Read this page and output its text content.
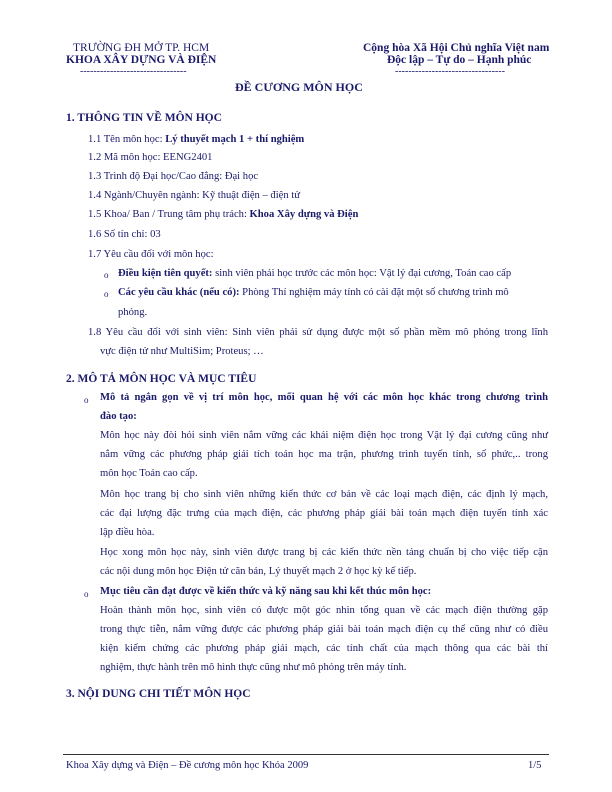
TRƯỜNG ĐH MỞ TP. HCM
KHOA XÂY DỰNG VÀ ĐIỆN
--------------------------------
Cộng hòa Xã Hội Chủ nghĩa Việt nam
Độc lập – Tự do – Hạnh phúc
---------------------------------
ĐỀ CƯƠNG MÔN HỌC
1. THÔNG TIN VỀ MÔN HỌC
1.1 Tên môn học: Lý thuyết mạch 1 + thí nghiệm
1.2 Mã môn học: EENG2401
1.3 Trình độ Đại học/Cao đẳng: Đại học
1.4 Ngành/Chuyên ngành: Kỹ thuật điện – điện tử
1.5 Khoa/ Ban / Trung tâm phụ trách: Khoa Xây dựng và Điện
1.6 Số tín chỉ: 03
1.7 Yêu cầu đối với môn học:
o Điều kiện tiên quyết: sinh viên phải học trước các môn học: Vật lý đại cương, Toán cao cấp
o Các yêu cầu khác (nếu có): Phòng Thí nghiệm máy tính có cài đặt một số chương trình mô
phỏng.
1.8 Yêu cầu đối với sinh viên: Sinh viên phải sử dụng được một số phần mềm mô phỏng trong lĩnh
vực điện tử như MultiSim; Proteus; …
2. MÔ TẢ MÔN HỌC VÀ MỤC TIÊU
o Mô tả ngắn gọn về vị trí môn học, mối quan hệ với các môn học khác trong chương trình
đào tạo:
Môn học này đòi hỏi sinh viên nắm vững các khái niệm điện học trong Vật lý đại cương cũng như
nắm vững các phương pháp giải tích toán học ma trận, phương trình tuyến tính, số phức,.. trong
môn học Toán cao cấp.
Môn học trang bị cho sinh viên những kiến thức cơ bản về các loại mạch điện, các định lý mạch,
các đại lượng đặc trưng của mạch điện, các phương pháp giải bài toán mạch điện tuyến tính xác
lập điều hòa.
Học xong môn học này, sinh viên được trang bị các kiến thức nền tảng chuẩn bị cho việc tiếp cận
các nội dung môn học Điện tử căn bản, Lý thuyết mạch 2 ở học kỳ kế tiếp.
o Mục tiêu cần đạt được về kiến thức và kỹ năng sau khi kết thúc môn học:
Hoàn thành môn học, sinh viên có được một góc nhìn tổng quan về các mạch điện thường gặp
trong thực tiễn, nắm vững được các phương pháp giải bài toán mạch điện cụ thể cũng như có điều
kiện kiểm chứng các phương pháp giải mạch, các tính chất của mạch thông qua các bài thí
nghiệm, thực hành trên mô hình thực cũng như mô phỏng trên máy tính.
3. NỘI DUNG CHI TIẾT MÔN HỌC
Khoa Xây dựng và Điện – Đề cương môn học Khóa 2009	1/5
